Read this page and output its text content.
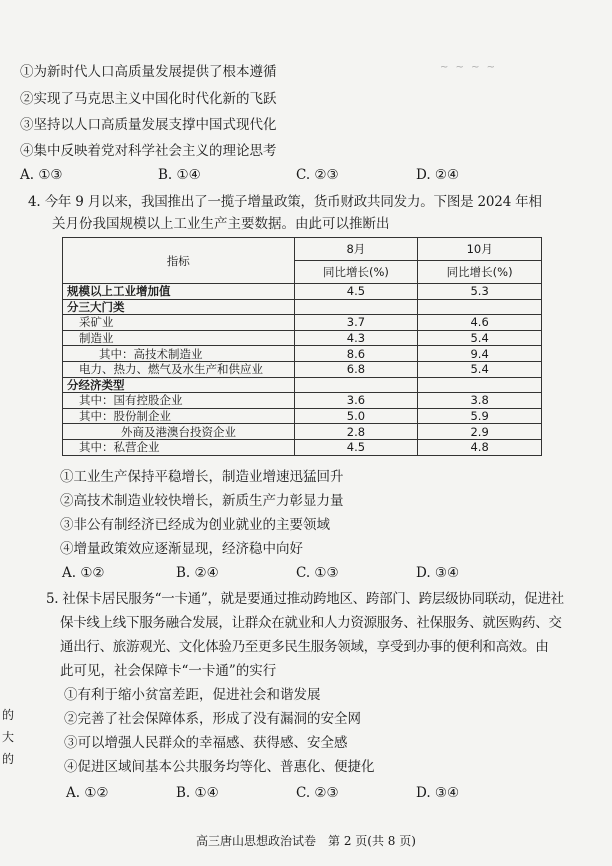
①为新时代人口高质量发展提供了根本遵循
②实现了马克思主义中国化时代化新的飞跃
③坚持以人口高质量发展支撑中国式现代化
④集中反映着党对科学社会主义的理论思考
~ ~ ~ ~
A. ①③	B. ①④	C. ②③	D. ②④
4. 今年 9 月以来，我国推出了一揽子增量政策，货币财政共同发力。下图是 2024 年相
关月份我国规模以上工业生产主要数据。由此可以推断出
指标	8月	10月
	同比增长(%)	同比增长(%)
规模以上工业增加值	4.5	5.3
分三大门类		
采矿业	3.7	4.6
制造业	4.3	5.4
其中：高技术制造业	8.6	9.4
电力、热力、燃气及水生产和供应业	6.8	5.4
分经济类型		
其中：国有控股企业	3.6	3.8
其中：股份制企业	5.0	5.9
外商及港澳台投资企业	2.8	2.9
其中：私营企业	4.5	4.8
①工业生产保持平稳增长，制造业增速迅猛回升
②高技术制造业较快增长，新质生产力彰显力量
③非公有制经济已经成为创业就业的主要领域
④增量政策效应逐渐显现，经济稳中向好
A. ①②	B. ②④	C. ①③	D. ③④
5. 社保卡居民服务“一卡通”，就是要通过推动跨地区、跨部门、跨层级协同联动，促进社
保卡线上线下服务融合发展，让群众在就业和人力资源服务、社保服务、就医购药、交
通出行、旅游观光、文化体验乃至更多民生服务领域，享受到办事的便利和高效。由
此可见，社会保障卡“一卡通”的实行
①有利于缩小贫富差距，促进社会和谐发展
②完善了社会保障体系，形成了没有漏洞的安全网
③可以增强人民群众的幸福感、获得感、安全感
④促进区域间基本公共服务均等化、普惠化、便捷化
A. ①②	B. ①④	C. ②③	D. ③④
的
大
的
高三唐山思想政治试卷　第 2 页(共 8 页)
